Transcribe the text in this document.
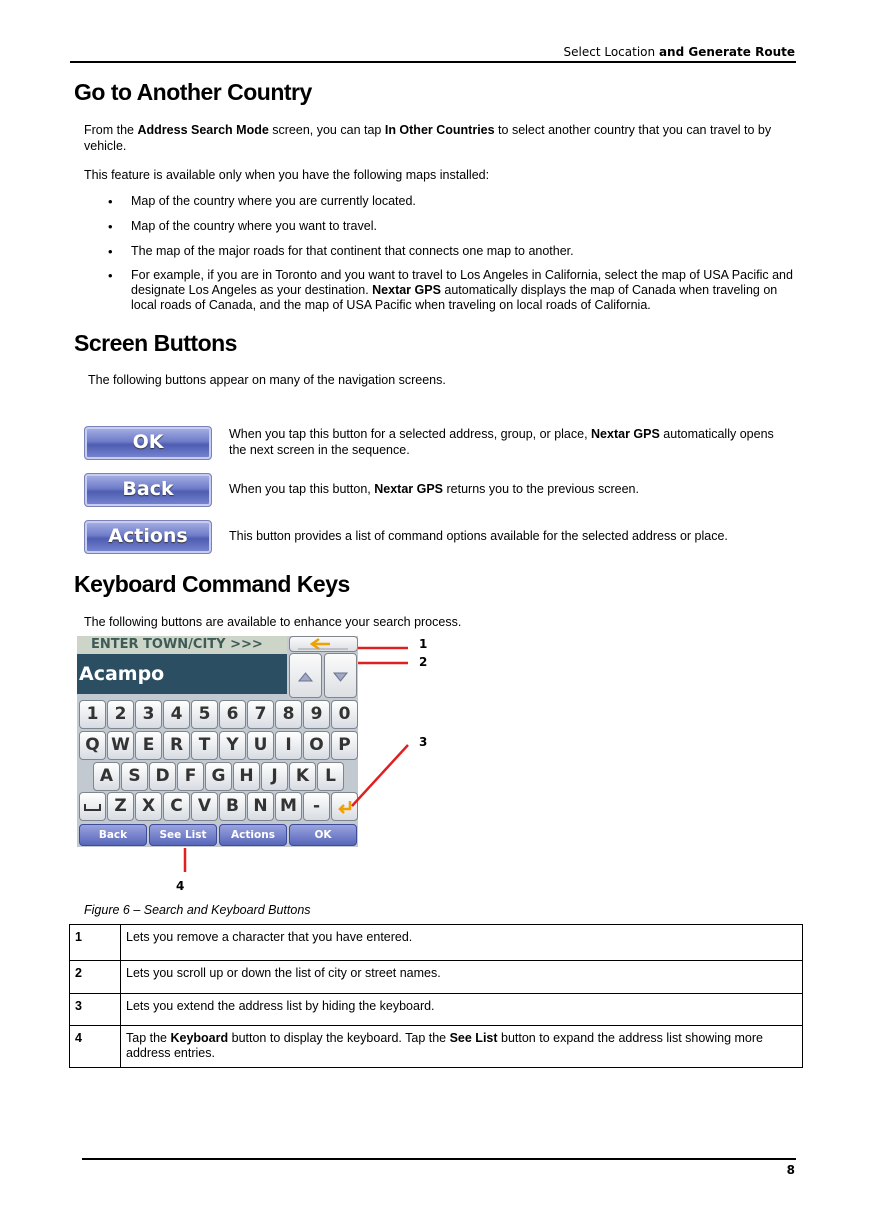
Select Location and Generate Route
Go to Another Country

From the Address Search Mode screen, you can tap In Other Countries to select another country that you can travel to by vehicle.

This feature is available only when you have the following maps installed:

• Map of the country where you are currently located.
• Map of the country where you want to travel.
• The map of the major roads for that continent that connects one map to another.
• For example, if you are in Toronto and you want to travel to Los Angeles in California, select the map of USA Pacific and designate Los Angeles as your destination. Nextar GPS automatically displays the map of Canada when traveling on local roads of Canada, and the map of USA Pacific when traveling on local roads of California.
Screen Buttons

The following buttons appear on many of the navigation screens.

OK	When you tap this button for a selected address, group, or place, Nextar GPS automatically opens the next screen in the sequence.
Back	When you tap this button, Nextar GPS returns you to the previous screen.
Actions	This button provides a list of command options available for the selected address or place.
Keyboard Command Keys

The following buttons are available to enhance your search process.

ENTER TOWN/CITY >>>
Acampo
1 2 3 4 5 6 7 8 9 0
Q W E R T Y U	I	O P
A S D F G H	J	K L
Z X C V B N M -
Back	See List	Actions	OK
1
2
3
4
Figure 6 – Search and Keyboard Buttons
1	Lets you remove a character that you have entered.
2	Lets you scroll up or down the list of city or street names.
3	Lets you extend the address list by hiding the keyboard.
4	Tap the Keyboard button to display the keyboard. Tap the See List button to expand the address list showing more address entries.
8
